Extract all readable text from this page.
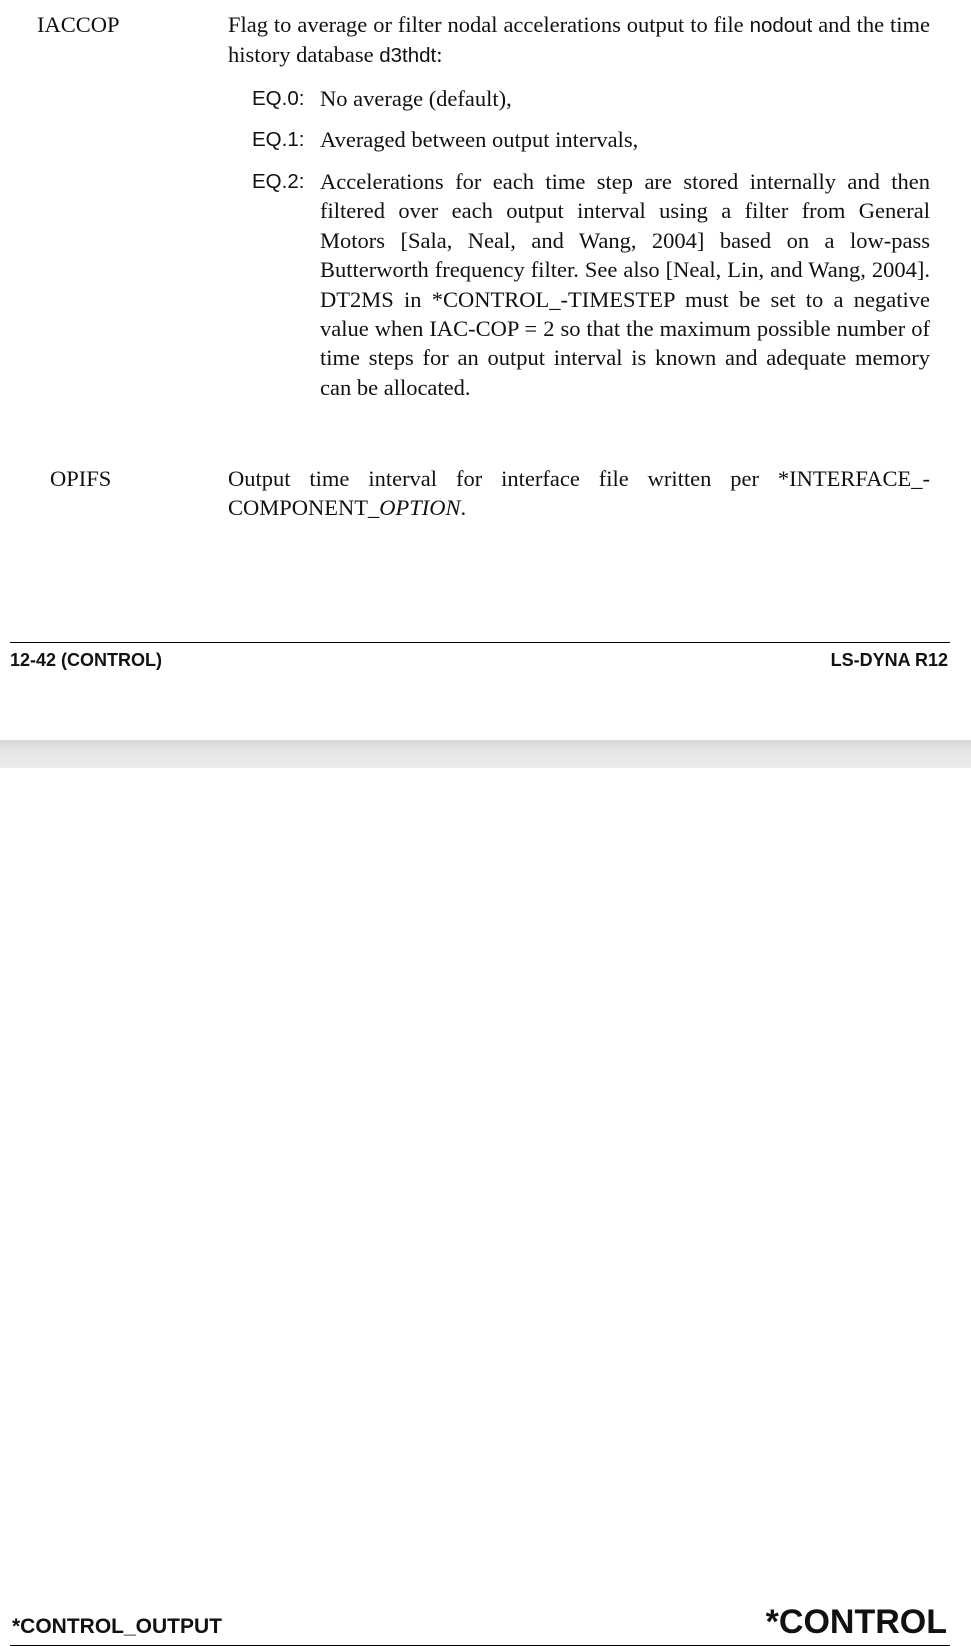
IACCOP	Flag to average or filter nodal accelerations output to file nodout and the time history database d3thdt:
EQ.0: No average (default),
EQ.1: Averaged between output intervals,
EQ.2: Accelerations for each time step are stored internally and then filtered over each output interval using a filter from General Motors [Sala, Neal, and Wang, 2004] based on a low-pass Butterworth frequency filter. See also [Neal, Lin, and Wang, 2004]. DT2MS in *CONTROL_-TIMESTEP must be set to a negative value when IAC-COP = 2 so that the maximum possible number of time steps for an output interval is known and adequate memory can be allocated.
OPIFS	Output time interval for interface file written per *INTERFACE_-COMPONENT_OPTION.
12-42 (CONTROL)	LS-DYNA R12
*CONTROL_OUTPUT	*CONTROL
